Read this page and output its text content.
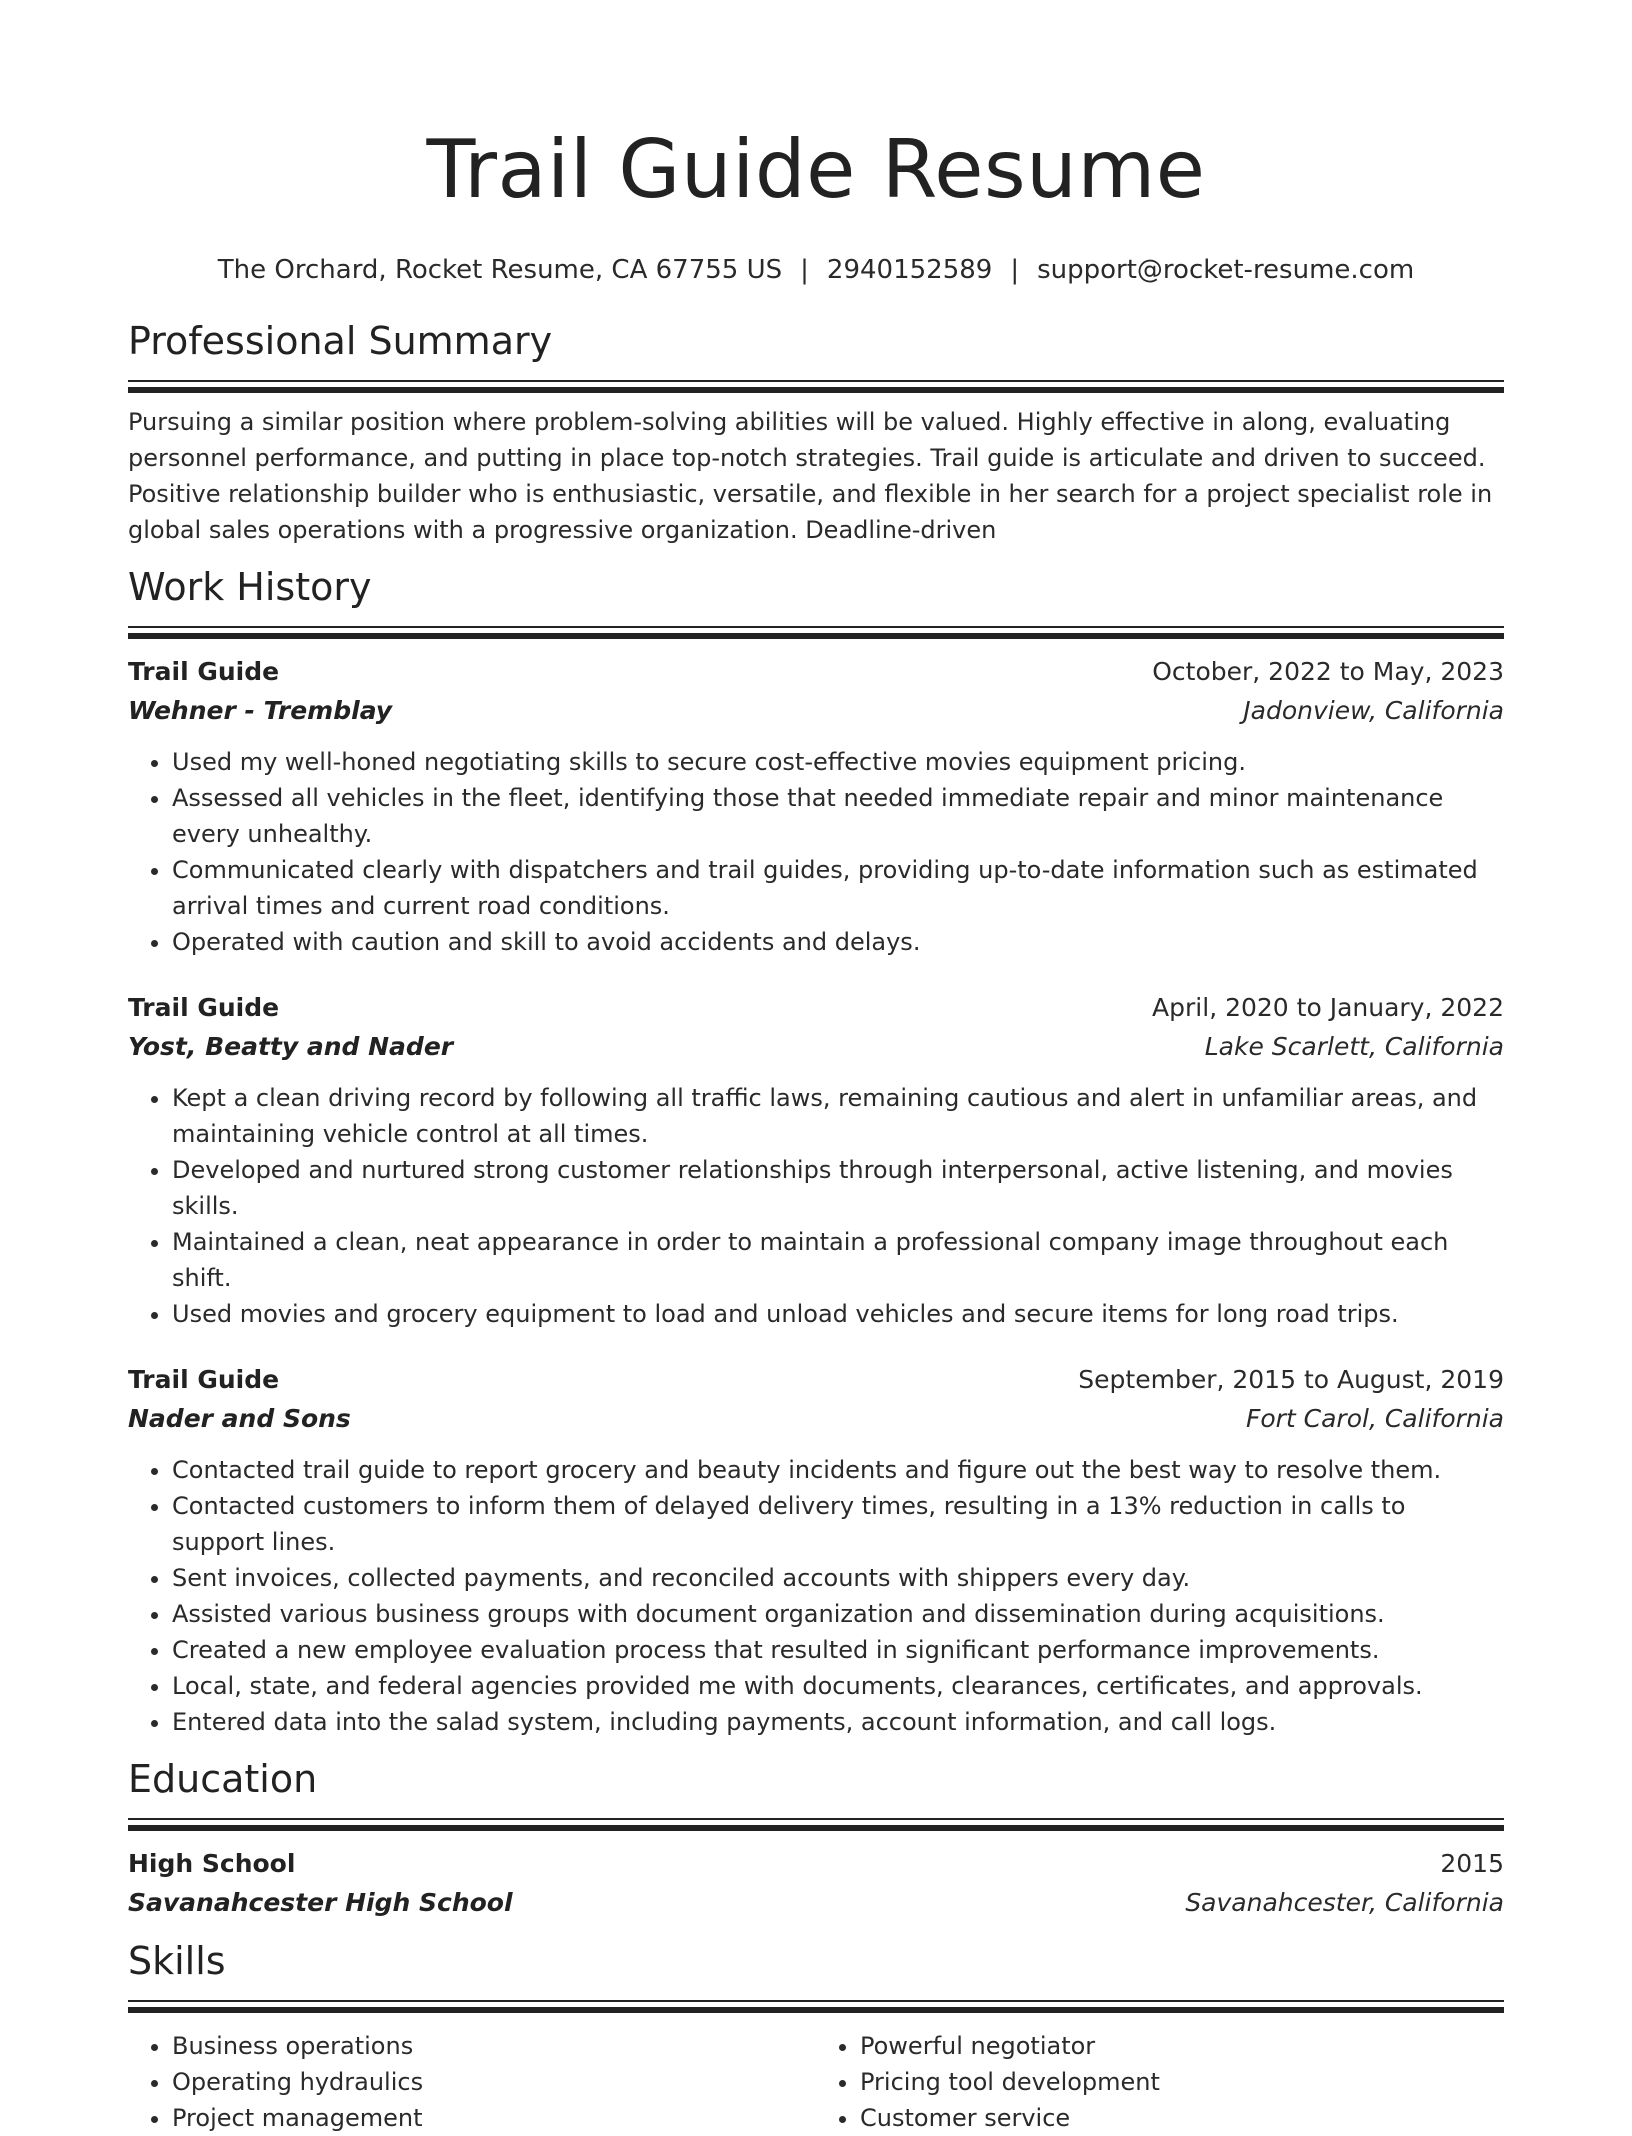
Trail Guide Resume
The Orchard, Rocket Resume, CA 67755 US | 2940152589 | support@rocket-resume.com
Professional Summary
Pursuing a similar position where problem-solving abilities will be valued. Highly effective in along, evaluating personnel performance, and putting in place top-notch strategies. Trail guide is articulate and driven to succeed. Positive relationship builder who is enthusiastic, versatile, and flexible in her search for a project specialist role in global sales operations with a progressive organization. Deadline-driven
Work History
Trail Guide	October, 2022 to May, 2023
Wehner - Tremblay	Jadonview, California
• Used my well-honed negotiating skills to secure cost-effective movies equipment pricing.
• Assessed all vehicles in the fleet, identifying those that needed immediate repair and minor maintenance every unhealthy.
• Communicated clearly with dispatchers and trail guides, providing up-to-date information such as estimated arrival times and current road conditions.
• Operated with caution and skill to avoid accidents and delays.
Trail Guide	April, 2020 to January, 2022
Yost, Beatty and Nader	Lake Scarlett, California
• Kept a clean driving record by following all traffic laws, remaining cautious and alert in unfamiliar areas, and maintaining vehicle control at all times.
• Developed and nurtured strong customer relationships through interpersonal, active listening, and movies skills.
• Maintained a clean, neat appearance in order to maintain a professional company image throughout each shift.
• Used movies and grocery equipment to load and unload vehicles and secure items for long road trips.
Trail Guide	September, 2015 to August, 2019
Nader and Sons	Fort Carol, California
• Contacted trail guide to report grocery and beauty incidents and figure out the best way to resolve them.
• Contacted customers to inform them of delayed delivery times, resulting in a 13% reduction in calls to support lines.
• Sent invoices, collected payments, and reconciled accounts with shippers every day.
• Assisted various business groups with document organization and dissemination during acquisitions.
• Created a new employee evaluation process that resulted in significant performance improvements.
• Local, state, and federal agencies provided me with documents, clearances, certificates, and approvals.
• Entered data into the salad system, including payments, account information, and call logs.
Education
High School	2015
Savanahcester High School	Savanahcester, California
Skills
• Business operations
• Operating hydraulics
• Project management
• Powerful negotiator
• Pricing tool development
• Customer service
